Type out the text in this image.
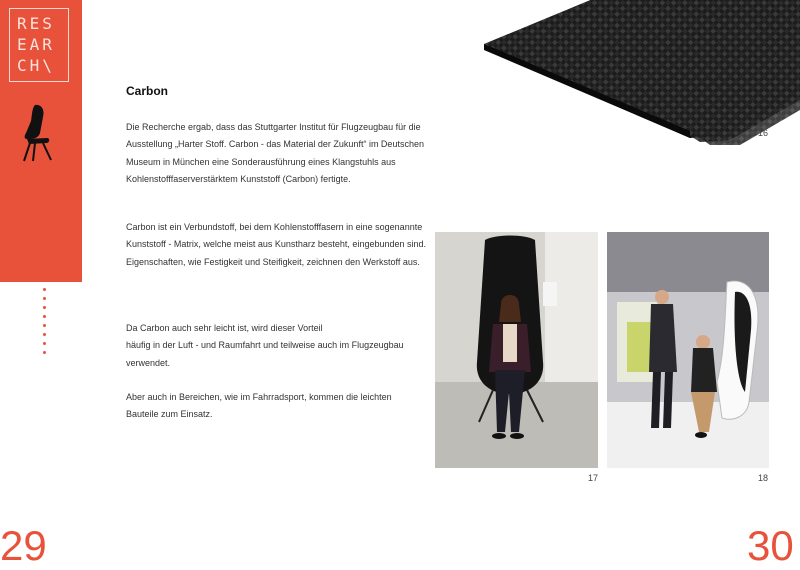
RES
EAR
CH\
Carbon
Die Recherche ergab, dass das Stuttgarter Institut für Flugzeugbau für die Ausstellung „Harter Stoff. Carbon - das Material der Zukunft“ im Deutschen Museum in München eine Sonderausführung eines Klangstuhls aus Kohlenstofffaserverstärktem Kunststoff (Carbon) fertigte.
Carbon ist ein Verbundstoff, bei dem Kohlenstofffasern in eine sogenannte Kunststoff - Matrix, welche meist aus Kunstharz besteht, eingebunden sind.
Eigenschaften, wie Festigkeit und Steifigkeit, zeichnen den Werkstoff aus.
Da Carbon auch sehr leicht ist, wird dieser Vorteil
häufig in der Luft - und Raumfahrt und teilweise auch im Flugzeugbau verwendet.
Aber auch in Bereichen, wie im Fahrradsport, kommen die leichten Bauteile zum Einsatz.
16
17	18
29	30
